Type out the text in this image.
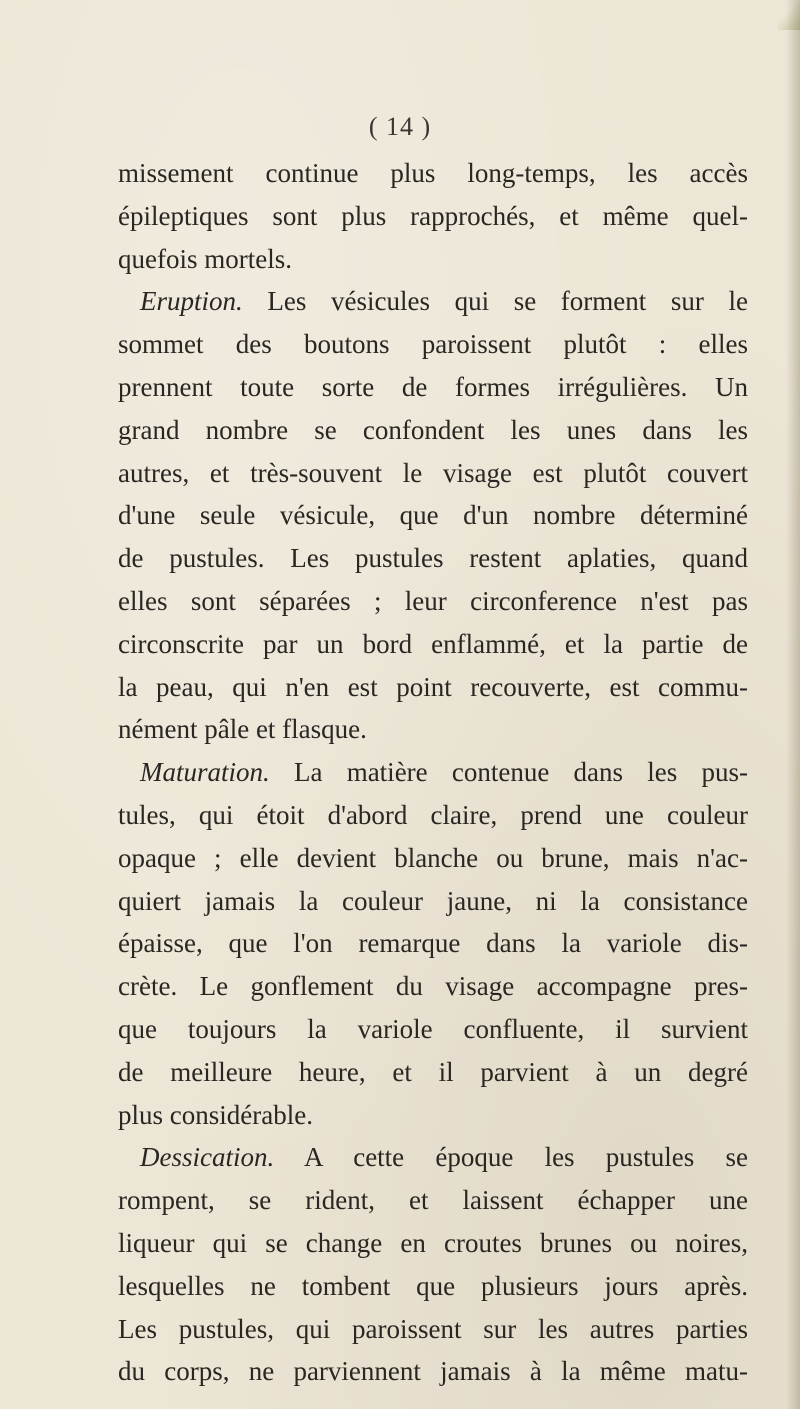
( 14 )
missement continue plus long-temps, les accès
épileptiques sont plus rapprochés, et même quel-
quefois mortels.
Eruption. Les vésicules qui se forment sur le
sommet des boutons paroissent plutôt : elles
prennent toute sorte de formes irrégulières. Un
grand nombre se confondent les unes dans les
autres, et très-souvent le visage est plutôt couvert
d'une seule vésicule, que d'un nombre déterminé
de pustules. Les pustules restent aplaties, quand
elles sont séparées ; leur circonference n'est pas
circonscrite par un bord enflammé, et la partie de
la peau, qui n'en est point recouverte, est commu-
nément pâle et flasque.
Maturation. La matière contenue dans les pus-
tules, qui étoit d'abord claire, prend une couleur
opaque ; elle devient blanche ou brune, mais n'ac-
quiert jamais la couleur jaune, ni la consistance
épaisse, que l'on remarque dans la variole dis-
crète. Le gonflement du visage accompagne pres-
que toujours la variole confluente, il survient
de meilleure heure, et il parvient à un degré
plus considérable.
Dessication. A cette époque les pustules se
rompent, se rident, et laissent échapper une
liqueur qui se change en croutes brunes ou noires,
lesquelles ne tombent que plusieurs jours après.
Les pustules, qui paroissent sur les autres parties
du corps, ne parviennent jamais à la même matu-
